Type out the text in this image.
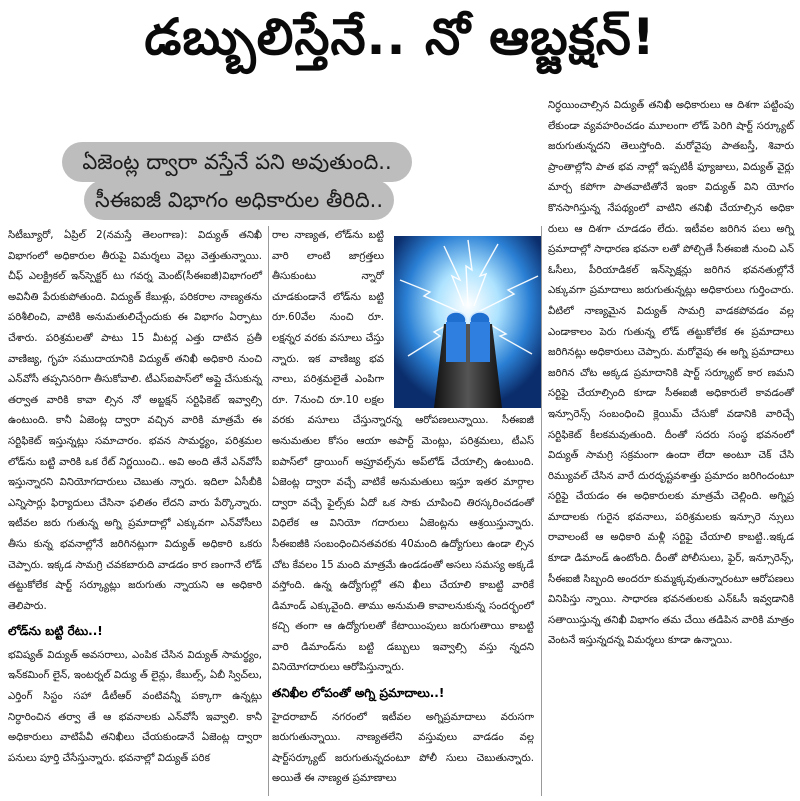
డబ్బులిస్తేనే.. నో ఆబ్జక్షన్!
ఏజెంట్ల ద్వారా వస్తేనే పని అవుతుంది..
సీఈఐజీ విభాగం అధికారుల తీరిది..

సిటీబ్యూరో, ఏప్రిల్ 2(నమస్తే తెలంగాణ): విద్యుత్ తనిఖీ విభాగంలో అధికారుల తీరుపై విమర్శలు వెల్లు వెత్తుతున్నాయి. చీఫ్ ఎలక్ట్రికల్ ఇన్‌స్పెక్టర్ టు గవర్న మెంట్(సీఈఐజీ)విభాగంలో అవినీతి పేరుకుపోతుంది. విద్యుత్ కేబుళ్లు, పరికరాల నాణ్యతను పరిశీలించి, వాటికి అనుమతులిచ్చేందుకు ఈ విభాగం ఏర్పాటు చేశారు. పరిశ్రమలతో పాటు 15 మీటర్ల ఎత్తు దాటిన ప్రతీ వాణిజ్య, గృహ సముదాయానికి విద్యుత్ తనిఖీ అధికారి నుంచి ఎన్‌వోసీ తప్పనిసరిగా తీసుకోవాలి. టీఎస్ఐపాస్‌లో అప్లై చేసుకున్న తర్వాత వారికి కావా ల్సిన నో అబ్జక్షన్ సర్టిఫికెట్ ఇవ్వాల్సి ఉంటుంది. కానీ ఏజెంట్ల ద్వారా వచ్చిన వారికి మాత్రమే ఈ సర్టిఫికెట్ ఇస్తున్నట్లు సమాచారం. భవన సామర్థ్యం, పరిశ్రమల లోడ్‌ను బట్టి వారికి ఒక రేట్ నిర్ణయించి.. అవి అంది తేనే ఎన్‌వోసీ ఇస్తున్నారని వినియోగదారులు చెబుతు న్నారు. ఇదిలా ఏసీబీకి ఎన్నిసార్లు ఫిర్యాదులు చేసినా ఫలితం లేదని వారు పేర్కొన్నారు. ఇటీవల జరు గుతున్న అగ్ని ప్రమాదాల్లో ఎక్కువగా ఎన్‌వోసీలు తీసు కున్న భవనాల్లోనే జరిగినట్లుగా విద్యుత్ అధికారి ఒకరు చెప్పారు. ఇక్కడ సామగ్రి చవకబారుది వాడడం కార ణంగానే లోడ్ తట్టుకోలేక షార్ట్ సర్క్యూట్లు జరుగుతు న్నాయని ఆ అధికారి తెలిపారు.

లోడ్‌ను బట్టి రేటు..!

భవిష్యత్ విద్యుత్ అవసరాలు, ఎంపిక చేసిన విద్యుత్ సామర్థ్యం, ఇన్‌కమింగ్ లైన్, ఇంటర్నల్ విద్యు త్ లైన్లు, కేబుల్స్, ఏబీ స్విచ్‌లు, ఎర్తింగ్ సిస్టం సహా డీటీఆర్ వంటివన్నీ పక్కాగా ఉన్నట్లు నిర్ధారించిన తర్వా తే ఆ భవనాలకు ఎన్‌వోసీ ఇవ్వాలి. కానీ అధికారులు వాటిపేవీ తనిఖీలు చేయకుండానే ఏజెంట్ల ద్వారా పనులు పూర్తి చేసేస్తున్నారు. భవనాల్లో విద్యుత్ పరిక

రాల నాణ్యత, లోడ్‌ను బట్టి వారి లాంటి జాగ్రత్తలు తీసుకుంటు న్నారో చూడకుండానే లోడ్‌ను బట్టి రూ.60వేల నుంచి రూ. లక్షన్నర వరకు వసూలు చేస్తు న్నారు. ఇక వాణిజ్య భవ నాలు, పరిశ్రమలైతే ఎంపిగా రూ. 7నుంచి రూ.10 లక్షల వరకు వసూలు చేస్తున్నారన్న ఆరోపణలున్నాయి. సీఈఐజీ అనుమతుల కోసం ఆయా అపార్ట్ మెంట్లు, పరిశ్రమలు, టీఎస్ ఐపాస్‌లో డ్రాయింగ్ అప్రూవల్స్‌ను అప్‌లోడ్ చేయాల్సి ఉంటుంది. ఏజెంట్ల ద్వారా వచ్చే వాటికే అనుమతులు ఇస్తూ ఇతర మార్గాల ద్వారా వచ్చే ఫైల్స్‌కు ఏదో ఒక సాకు చూపించి తిరస్కరించడంతో విధిలేక ఆ వినియో గదారులు ఏజెంట్లను ఆశ్రయిస్తున్నారు. సీఈఐజీకి సంబంధించినతవరకు 40మంది ఉద్యోగులు ఉండా ల్సిన చోట కేవలం 15 మంది మాత్రమే ఉండడంతో అసలు సమస్య అక్కడే వస్తోంది. ఉన్న ఉద్యోగుల్లో తని ఖీలు చేయాలి కాబట్టి వారికే డిమాండ్ ఎక్కువైంది. తాము అనుమతి కావాలనుకున్న సందర్భంలో కచ్చి తంగా ఆ ఉద్యోగులతో కేటాయింపులు జరుగుతాయి కాబట్టి వారి డిమాండ్‌ను బట్టి డబ్బులు ఇవ్వాల్సి వస్తు న్నదని వినియోగదారులు ఆరోపిస్తున్నారు.

తనిఖీల లోపంతో అగ్ని ప్రమాదాలు..!

హైదరాబాద్ నగరంలో ఇటీవల అగ్నిప్రమాదాలు వరుసగా జరుగుతున్నాయి. నాణ్యతలేని వస్తువులు వాడడం వల్ల షార్ట్‌సర్క్యూట్ జరుగుతున్నదంటూ పోలీ సులు చెబుతున్నారు. అయితే ఈ నాణ్యత ప్రమాణాలు

నిర్ధయించాల్సిన విద్యుత్ తనిఖీ అధికారులు ఆ దిశగా పట్టింపు లేకుండా వ్యవహరించడం మూలంగా లోడ్ పెరిగి షార్ట్ సర్క్యూట్ జరుగుతున్నదని తెలుస్తోంది. మరోవైపు పాతబస్తీ, శివారు ప్రాంతాల్లోని పాత భవ నాల్లో ఇప్పటికీ ఫ్యూజులు, విద్యుత్ వైర్లు మార్చ కపోగా పాతవాటితోనే ఇంకా విద్యుత్ విని యోగం కొనసాగిస్తున్న నేపథ్యంలో వాటిని తనిఖీ చేయాల్సిన అధికా రులు ఆ దిశగా చూడడం లేదు. ఇటీవల జరిగిన పలు అగ్ని ప్రమాదాల్లో సాధారణ భవనా లతో పోల్చితే సీఈఐజీ నుంచి ఎన్ ఓసీలు, పీరియాడికల్ ఇన్‌స్పెక్షన్లు జరిగిన భవనతుల్లోనే ఎక్కువగా ప్రమాదాలు జరుగుతున్నట్లు అధికారులు గుర్తించారు. వీటిలో నాణ్యమైన విద్యుత్ సామగ్రి వాడకపోవడం వల్ల ఎండాకాలం పెరు గుతున్న లోడ్ తట్టుకోలేక ఈ ప్రమాదాలు జరిగినట్లు అధికారులు చెప్పారు. మరోవైపు ఈ అగ్ని ప్రమాదాలు జరిగిన చోట అక్కడ ప్రమాదానికి షార్ట్ సర్క్యూట్ కార ణమని సర్టిఫై చేయాల్సింది కూడా సీఈఐజీ అధికారులే కావడంతో ఇన్సూరెన్స్ సంబంధించి క్లెయిమ్ చేసుకో వడానికి వారిచ్చే సర్టిఫికెట్ కీలకమవుతుంది. దీంతో సదరు సంస్థ భవనంలో విద్యుత్ సామగ్రి సక్రమంగా ఉందా లేదా అంటూ చెక్ చేసి రిమ్యువల్ చేసిన వారే దురదృష్టవశాత్తు ప్రమాదం జరిగిందంటూ సర్టిఫై చేయడం ఈ అధికారులకు మాత్రమే చెల్లింది. అగ్నిప్ర మాదాలకు గురైన భవనాలు, పరిశ్రమలకు ఇన్సూరె న్సులు రావాలంటే ఆ అధికారి మళ్లీ సర్టిఫై చేయాలి కాబట్టి..ఇక్కడ కూడా డిమాండ్ ఉంటోంది. దీంతో పోలీసులు, ఫైర్, ఇన్సూరెన్స్, సీఈఐజీ సిబ్బంది అందరూ కుమ్మక్కవుతున్నారంటూ ఆరోపణలు వినిపిస్తు న్నాయి. సాధారణ భవనతులకు ఎన్‌ఓసీ ఇవ్వడానికి సతాయిస్తున్న తనిఖీ విభాగం తమ చేయి తడిపిన వారికి మాత్రం వెంటనే ఇస్తున్నదన్న విమర్శలు కూడా ఉన్నాయి.
